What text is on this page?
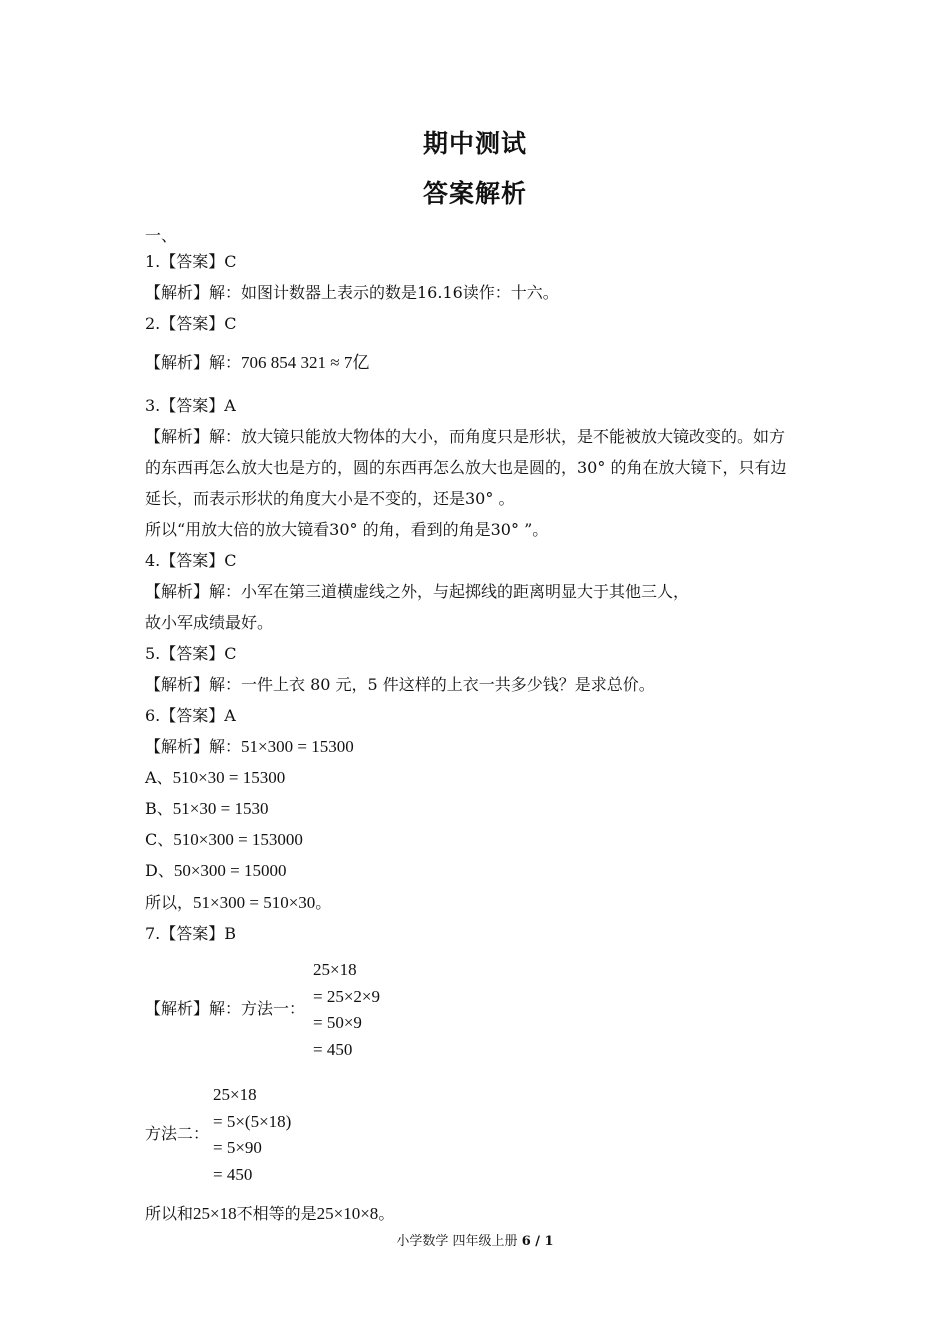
期中测试
答案解析
一、
1.【答案】C
【解析】解：如图计数器上表示的数是16.16读作：十六。
2.【答案】C
【解析】解：706 854 321 ≈ 7亿
3.【答案】A
【解析】解：放大镜只能放大物体的大小，而角度只是形状，是不能被放大镜改变的。如方
的东西再怎么放大也是方的，圆的东西再怎么放大也是圆的，30° 的角在放大镜下，只有边
延长，而表示形状的角度大小是不变的，还是30° 。
所以“用放大倍的放大镜看30° 的角，看到的角是30° ”。
4.【答案】C
【解析】解：小军在第三道横虚线之外，与起掷线的距离明显大于其他三人，
故小军成绩最好。
5.【答案】C
【解析】解：一件上衣 80 元，5 件这样的上衣一共多少钱？是求总价。
6.【答案】A
【解析】解：51×300 = 15300
A、510×30 = 15300
B、51×30 = 1530
C、510×300 = 153000
D、50×300 = 15000
所以，51×300 = 510×30。
7.【答案】B
【解析】解：方法一：
25×18
= 25×2×9
= 50×9
= 450
方法二：
25×18
= 5×(5×18)
= 5×90
= 450
所以和25×18不相等的是25×10×8。
小学数学 四年级上册 6 / 1
